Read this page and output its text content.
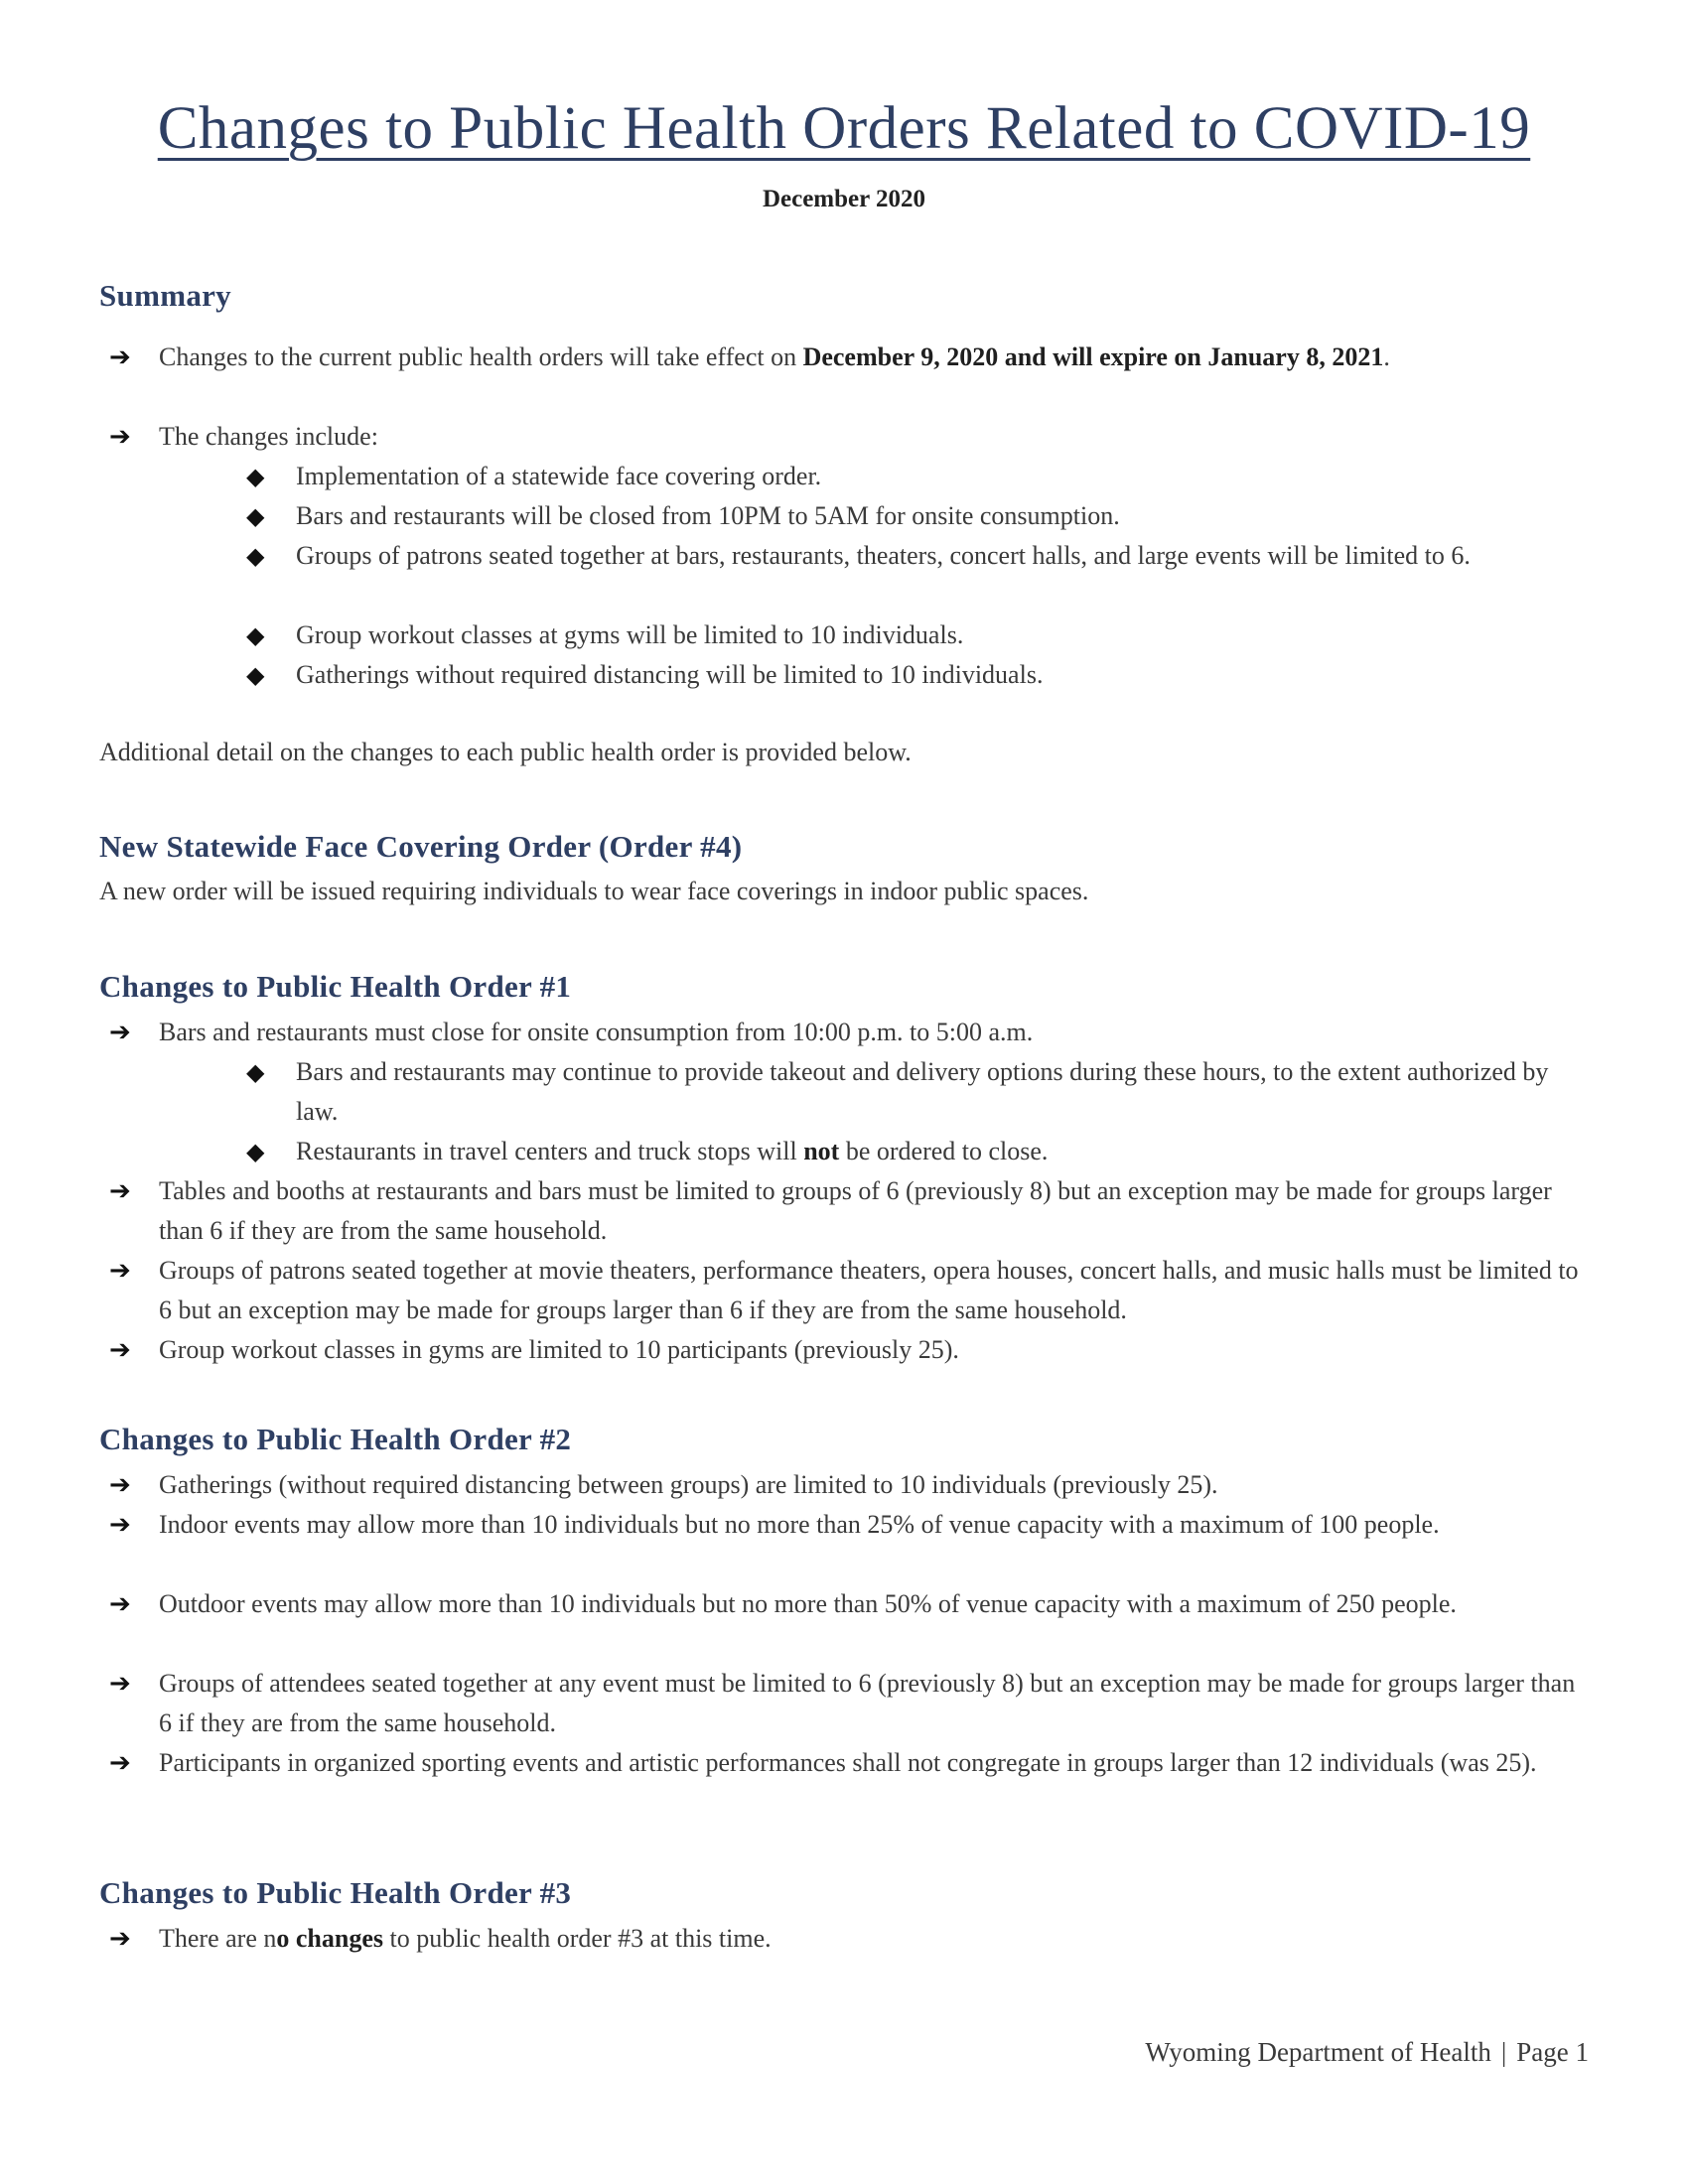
Changes to Public Health Orders Related to COVID-19
December 2020
Summary
➔ Changes to the current public health orders will take effect on December 9, 2020 and will expire on January 8, 2021.
➔ The changes include:
◆ Implementation of a statewide face covering order.
◆ Bars and restaurants will be closed from 10PM to 5AM for onsite consumption.
◆ Groups of patrons seated together at bars, restaurants, theaters, concert halls, and large events will be limited to 6.
◆ Group workout classes at gyms will be limited to 10 individuals.
◆ Gatherings without required distancing will be limited to 10 individuals.
Additional detail on the changes to each public health order is provided below.
New Statewide Face Covering Order (Order #4)
A new order will be issued requiring individuals to wear face coverings in indoor public spaces.
Changes to Public Health Order #1
➔ Bars and restaurants must close for onsite consumption from 10:00 p.m. to 5:00 a.m.
◆ Bars and restaurants may continue to provide takeout and delivery options during these hours, to the extent authorized by law.
◆ Restaurants in travel centers and truck stops will not be ordered to close.
➔ Tables and booths at restaurants and bars must be limited to groups of 6 (previously 8) but an exception may be made for groups larger than 6 if they are from the same household.
➔ Groups of patrons seated together at movie theaters, performance theaters, opera houses, concert halls, and music halls must be limited to 6 but an exception may be made for groups larger than 6 if they are from the same household.
➔ Group workout classes in gyms are limited to 10 participants (previously 25).
Changes to Public Health Order #2
➔ Gatherings (without required distancing between groups) are limited to 10 individuals (previously 25).
➔ Indoor events may allow more than 10 individuals but no more than 25% of venue capacity with a maximum of 100 people.
➔ Outdoor events may allow more than 10 individuals but no more than 50% of venue capacity with a maximum of 250 people.
➔ Groups of attendees seated together at any event must be limited to 6 (previously 8) but an exception may be made for groups larger than 6 if they are from the same household.
➔ Participants in organized sporting events and artistic performances shall not congregate in groups larger than 12 individuals (was 25).
Changes to Public Health Order #3
➔ There are no changes to public health order #3 at this time.
Wyoming Department of Health | Page 1
